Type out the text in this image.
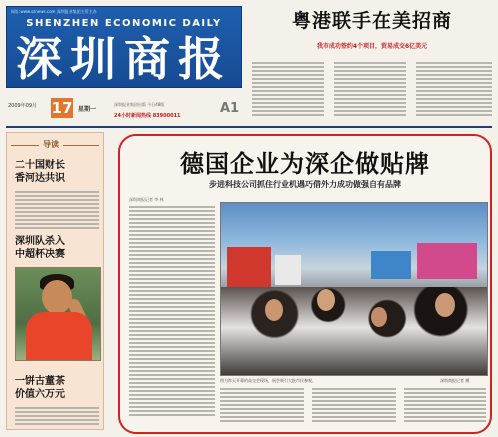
网址:www.sznews.com 深圳报业集团主管主办
SHENZHEN ECONOMIC DAILY
深圳商报
2009年09月 17 星期一
深圳报业集团出版 今日48版
24小时新闻热线 83900011	A1
粤港联手在美招商
我市成功签约4个项目，贸易成交6亿美元
导读
二十国财长
香河达共识
深圳队杀入
中超杯决赛
一饼古董茶
价值六万元
德国企业为深企做贴牌
步进科技公司抓住行业机遇巧借外力成功做强自有品牌
深圳商报记者 李 林
图为昨天开幕的高交会现场，展会吸引大批市民参观。	深圳商报记者 摄
